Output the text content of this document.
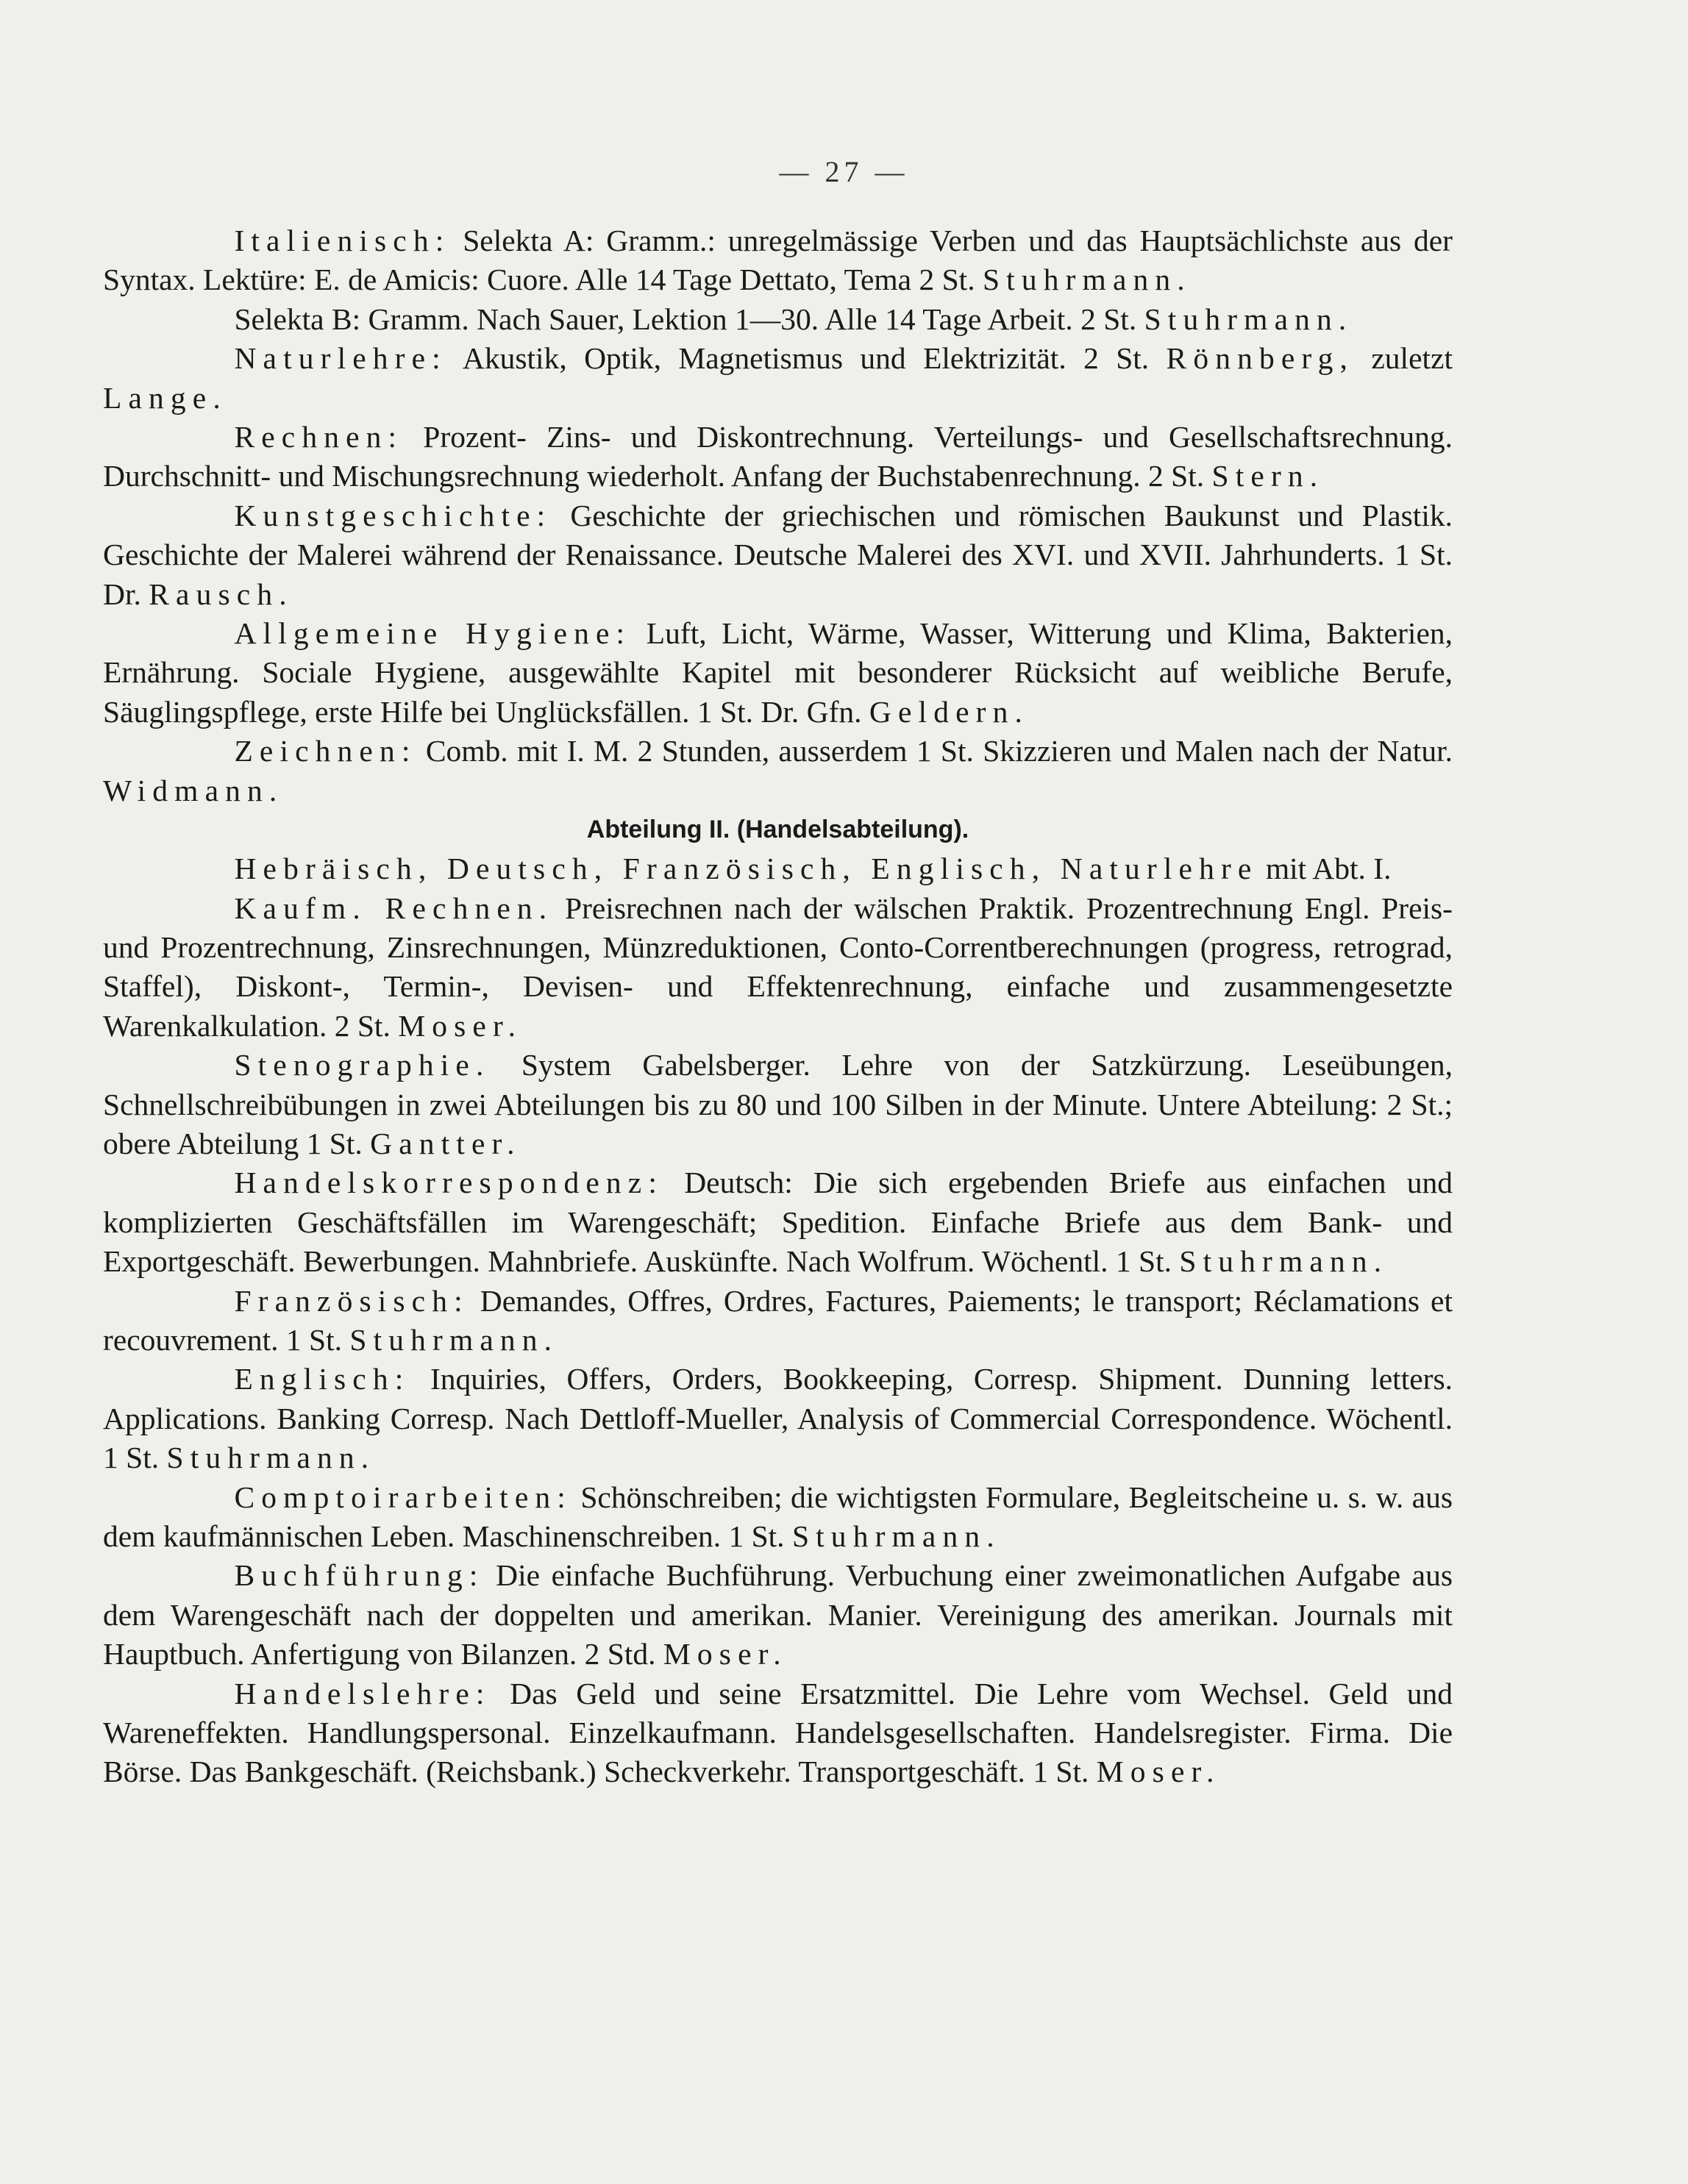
— 27 —

Italienisch: Selekta A: Gramm.: unregelmässige Verben und das Hauptsächlichste aus der Syntax. Lektüre: E. de Amicis: Cuore. Alle 14 Tage Dettato, Tema 2 St. Stuhrmann.

Selekta B: Gramm. Nach Sauer, Lektion 1—30. Alle 14 Tage Arbeit. 2 St. Stuhrmann.

Naturlehre: Akustik, Optik, Magnetismus und Elektrizität. 2 St. Rönnberg, zuletzt Lange.

Rechnen: Prozent- Zins- und Diskontrechnung. Verteilungs- und Gesellschaftsrechnung. Durchschnitt- und Mischungsrechnung wiederholt. Anfang der Buchstabenrechnung. 2 St. Stern.

Kunstgeschichte: Geschichte der griechischen und römischen Baukunst und Plastik. Geschichte der Malerei während der Renaissance. Deutsche Malerei des XVI. und XVII. Jahrhunderts. 1 St. Dr. Rausch.

Allgemeine Hygiene: Luft, Licht, Wärme, Wasser, Witterung und Klima, Bakterien, Ernährung. Sociale Hygiene, ausgewählte Kapitel mit besonderer Rücksicht auf weibliche Berufe, Säuglingspflege, erste Hilfe bei Unglücksfällen. 1 St. Dr. Gfn. Geldern.

Zeichnen: Comb. mit I. M. 2 Stunden, ausserdem 1 St. Skizzieren und Malen nach der Natur. Widmann.

Abteilung II. (Handelsabteilung).

Hebräisch, Deutsch, Französisch, Englisch, Naturlehre mit Abt. I.

Kaufm. Rechnen. Preisrechnen nach der wälschen Praktik. Prozentrechnung Engl. Preis- und Prozentrechnung, Zinsrechnungen, Münzreduktionen, Conto-Correntberechnungen (progress, retrograd, Staffel), Diskont-, Termin-, Devisen- und Effektenrechnung, einfache und zusammengesetzte Warenkalkulation. 2 St. Moser.

Stenographie. System Gabelsberger. Lehre von der Satzkürzung. Leseübungen, Schnellschreibübungen in zwei Abteilungen bis zu 80 und 100 Silben in der Minute. Untere Abteilung: 2 St.; obere Abteilung 1 St. Gantter.

Handelskorrespondenz: Deutsch: Die sich ergebenden Briefe aus einfachen und komplizierten Geschäftsfällen im Warengeschäft; Spedition. Einfache Briefe aus dem Bank- und Exportgeschäft. Bewerbungen. Mahnbriefe. Auskünfte. Nach Wolfrum. Wöchentl. 1 St. Stuhrmann.

Französisch: Demandes, Offres, Ordres, Factures, Paiements; le transport; Réclamations et recouvrement. 1 St. Stuhrmann.

Englisch: Inquiries, Offers, Orders, Bookkeeping, Corresp. Shipment. Dunning letters. Applications. Banking Corresp. Nach Dettloff-Mueller, Analysis of Commercial Correspondence. Wöchentl. 1 St. Stuhrmann.

Comptoirarbeiten: Schönschreiben; die wichtigsten Formulare, Begleitscheine u. s. w. aus dem kaufmännischen Leben. Maschinenschreiben. 1 St. Stuhrmann.

Buchführung: Die einfache Buchführung. Verbuchung einer zweimonatlichen Aufgabe aus dem Warengeschäft nach der doppelten und amerikan. Manier. Vereinigung des amerikan. Journals mit Hauptbuch. Anfertigung von Bilanzen. 2 Std. Moser.

Handelslehre: Das Geld und seine Ersatzmittel. Die Lehre vom Wechsel. Geld und Wareneffekten. Handlungspersonal. Einzelkaufmann. Handelsgesellschaften. Handelsregister. Firma. Die Börse. Das Bankgeschäft. (Reichsbank.) Scheckverkehr. Transportgeschäft. 1 St. Moser.
